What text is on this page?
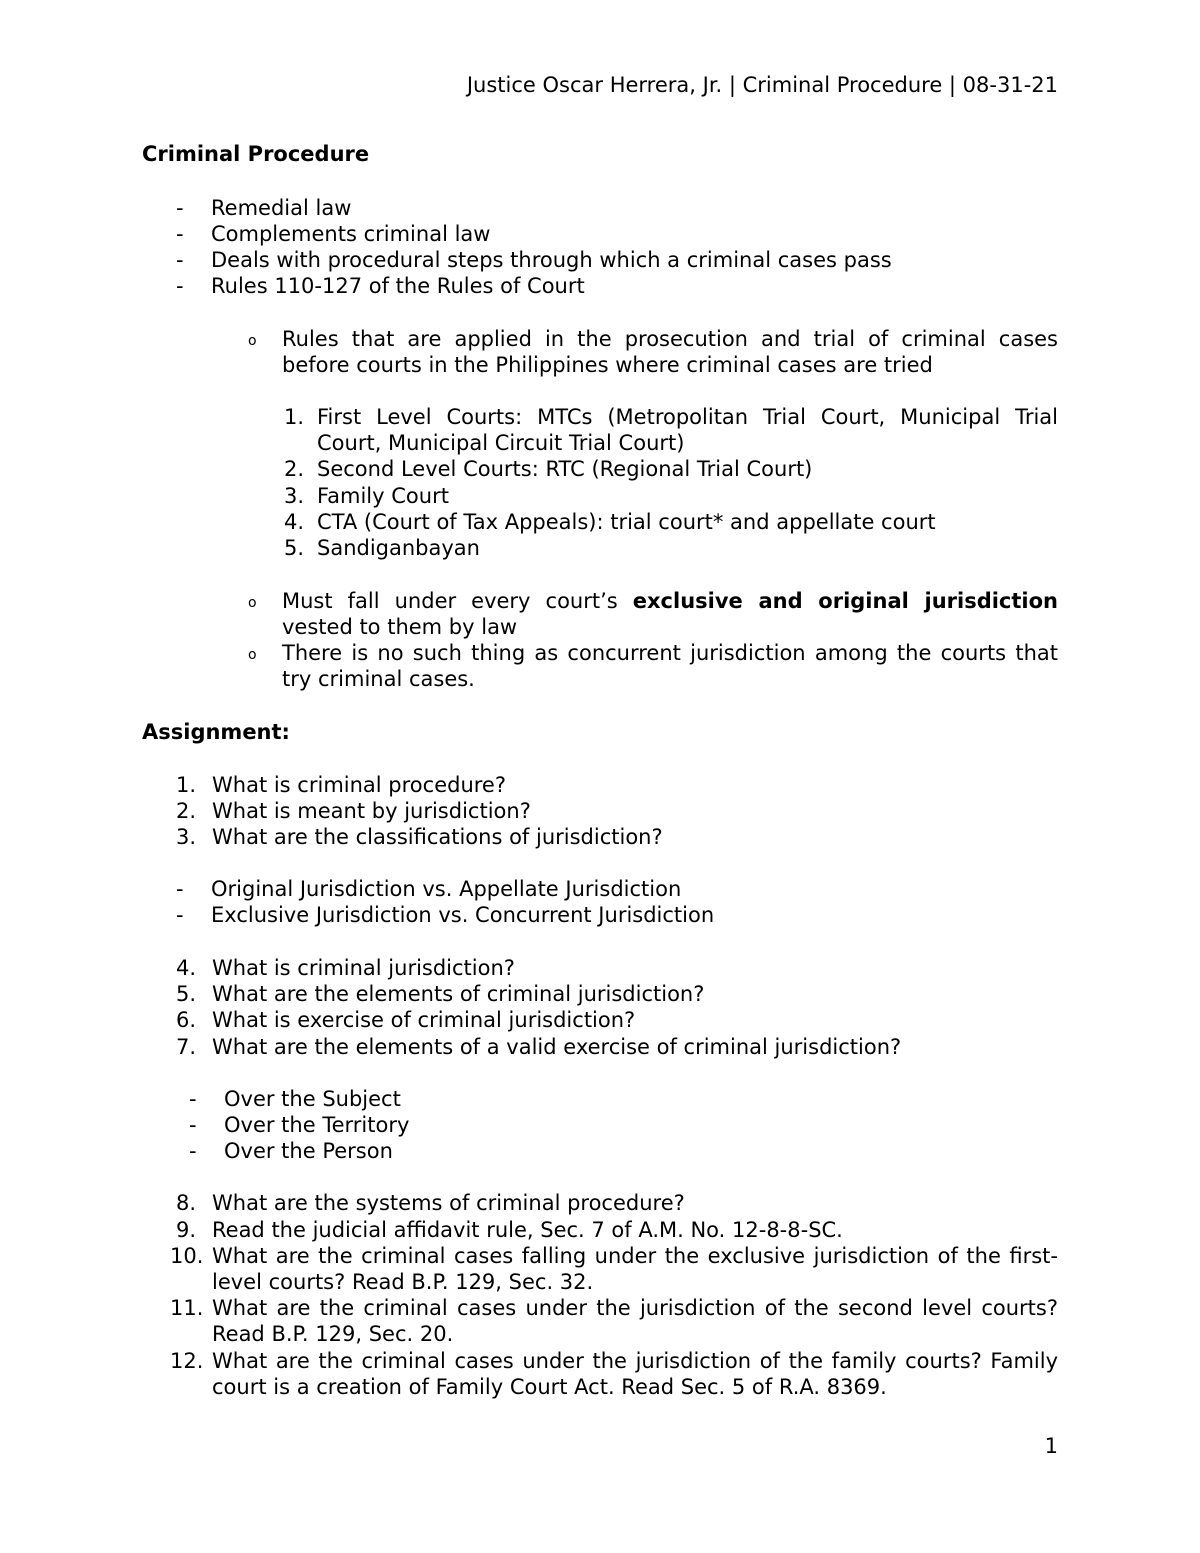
Justice Oscar Herrera, Jr. | Criminal Procedure | 08-31-21
Criminal Procedure
- Remedial law
- Complements criminal law
- Deals with procedural steps through which a criminal cases pass
- Rules 110-127 of the Rules of Court
o Rules that are applied in the prosecution and trial of criminal cases
before courts in the Philippines where criminal cases are tried
1. First Level Courts: MTCs (Metropolitan Trial Court, Municipal Trial
Court, Municipal Circuit Trial Court)
2. Second Level Courts: RTC (Regional Trial Court)
3. Family Court
4. CTA (Court of Tax Appeals): trial court* and appellate court
5. Sandiganbayan
o Must fall under every court’s exclusive and original jurisdiction
vested to them by law
o There is no such thing as concurrent jurisdiction among the courts that
try criminal cases.
Assignment:
1. What is criminal procedure?
2. What is meant by jurisdiction?
3. What are the classifications of jurisdiction?
- Original Jurisdiction vs. Appellate Jurisdiction
- Exclusive Jurisdiction vs. Concurrent Jurisdiction
4. What is criminal jurisdiction?
5. What are the elements of criminal jurisdiction?
6. What is exercise of criminal jurisdiction?
7. What are the elements of a valid exercise of criminal jurisdiction?
- Over the Subject
- Over the Territory
- Over the Person
8. What are the systems of criminal procedure?
9. Read the judicial affidavit rule, Sec. 7 of A.M. No. 12-8-8-SC.
10. What are the criminal cases falling under the exclusive jurisdiction of the first-
level courts? Read B.P. 129, Sec. 32.
11. What are the criminal cases under the jurisdiction of the second level courts?
Read B.P. 129, Sec. 20.
12. What are the criminal cases under the jurisdiction of the family courts? Family
court is a creation of Family Court Act. Read Sec. 5 of R.A. 8369.
1
